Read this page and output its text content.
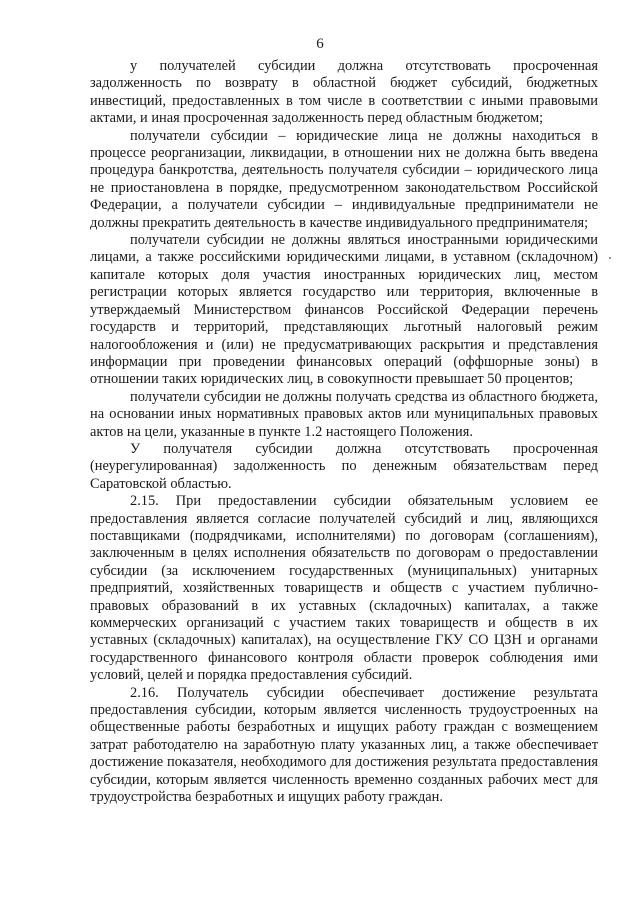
6

у получателей субсидии должна отсутствовать просроченная задолженность по возврату в областной бюджет субсидий, бюджетных инвестиций, предоставленных в том числе в соответствии с иными правовыми актами, и иная просроченная задолженность перед областным бюджетом;

получатели субсидии – юридические лица не должны находиться в процессе реорганизации, ликвидации, в отношении них не должна быть введена процедура банкротства, деятельность получателя субсидии – юридического лица не приостановлена в порядке, предусмотренном законодательством Российской Федерации, а получатели субсидии – индивидуальные предприниматели не должны прекратить деятельность в качестве индивидуального предпринимателя;

получатели субсидии не должны являться иностранными юридическими лицами, а также российскими юридическими лицами, в уставном (складочном) капитале которых доля участия иностранных юридических лиц, местом регистрации которых является государство или территория, включенные в утверждаемый Министерством финансов Российской Федерации перечень государств и территорий, представляющих льготный налоговый режим налогообложения и (или) не предусматривающих раскрытия и представления информации при проведении финансовых операций (оффшорные зоны) в отношении таких юридических лиц, в совокупности превышает 50 процентов;

получатели субсидии не должны получать средства из областного бюджета, на основании иных нормативных правовых актов или муниципальных правовых актов на цели, указанные в пункте 1.2 настоящего Положения.

У получателя субсидии должна отсутствовать просроченная (неурегулированная) задолженность по денежным обязательствам перед Саратовской областью.

2.15. При предоставлении субсидии обязательным условием ее предоставления является согласие получателей субсидий и лиц, являющихся поставщиками (подрядчиками, исполнителями) по договорам (соглашениям), заключенным в целях исполнения обязательств по договорам о предоставлении субсидии (за исключением государственных (муниципальных) унитарных предприятий, хозяйственных товариществ и обществ с участием публично-правовых образований в их уставных (складочных) капиталах, а также коммерческих организаций с участием таких товариществ и обществ в их уставных (складочных) капиталах), на осуществление ГКУ СО ЦЗН и органами государственного финансового контроля области проверок соблюдения ими условий, целей и порядка предоставления субсидий.

2.16. Получатель субсидии обеспечивает достижение результата предоставления субсидии, которым является численность трудоустроенных на общественные работы безработных и ищущих работу граждан с возмещением затрат работодателю на заработную плату указанных лиц, а также обеспечивает достижение показателя, необходимого для достижения результата предоставления субсидии, которым является численность временно созданных рабочих мест для трудоустройства безработных и ищущих работу граждан.
